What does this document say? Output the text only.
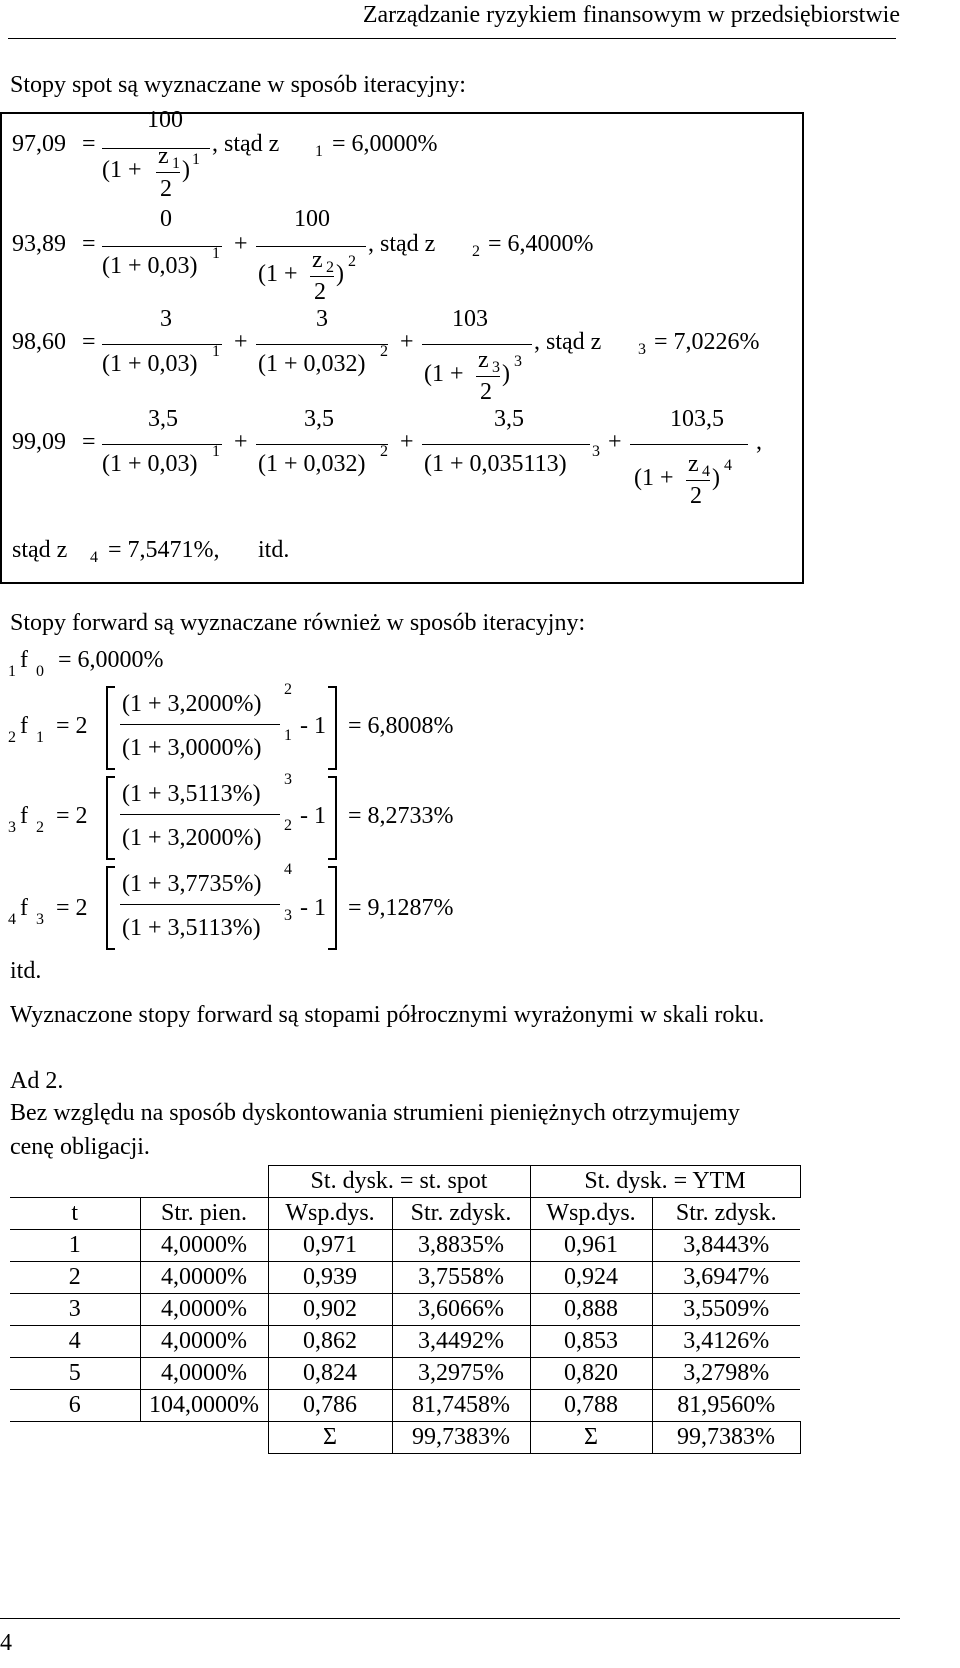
Zarządzanie ryzykiem finansowym w przedsiębiorstwie
Stopy spot są wyznaczane w sposób iteracyjny:
97,09 =
100
(1 +
z 1
2
) 1
, stąd z 1 = 6,0000%
93,89 =
0
(1 + 0,03) 1 +
100
(1 +
z 2
2
) 2
, stąd z 2 = 6,4000%
98,60 =
3
(1 + 0,03) 1 +
3
(1 + 0,032) 2 +
103
(1 +
z 3
2
) 3
, stąd z 3 = 7,0226%
99,09 =
3,5
(1 + 0,03) 1 +
3,5
(1 + 0,032) 2 +
3,5
(1 + 0,035113) 3 +
103,5
(1 +
z 4
2
) 4
,
stąd z 4 = 7,5471%, itd.
Stopy forward są wyznaczane również w sposób iteracyjny:
1 f 0 = 6,0000%
2 f 1 = 2
(1 + 3,2000%)
2
(1 + 3,0000%) 1 - 1 = 6,8008%
3 f 2 = 2
(1 + 3,5113%)
3
(1 + 3,2000%) 2 - 1 = 8,2733%
4 f 3 = 2
(1 + 3,7735%)
4
(1 + 3,5113%) 3 - 1 = 9,1287%
itd.
Wyznaczone stopy forward są stopami półrocznymi wyrażonymi w skali roku.
Ad 2.
Bez względu na sposób dyskontowania strumieni pieniężnych otrzymujemy
cenę obligacji.
		St. dysk. = st. spot		St. dysk. = YTM	
t	Str. pien.	Wsp.dys.	Str. zdysk.	Wsp.dys.	Str. zdysk.
1	4,0000%	0,971	3,8835%	0,961	3,8443%
2	4,0000%	0,939	3,7558%	0,924	3,6947%
3	4,0000%	0,902	3,6066%	0,888	3,5509%
4	4,0000%	0,862	3,4492%	0,853	3,4126%
5	4,0000%	0,824	3,2975%	0,820	3,2798%
6	104,0000%	0,786	81,7458%	0,788	81,9560%
		Σ	99,7383%	Σ	99,7383%
4
